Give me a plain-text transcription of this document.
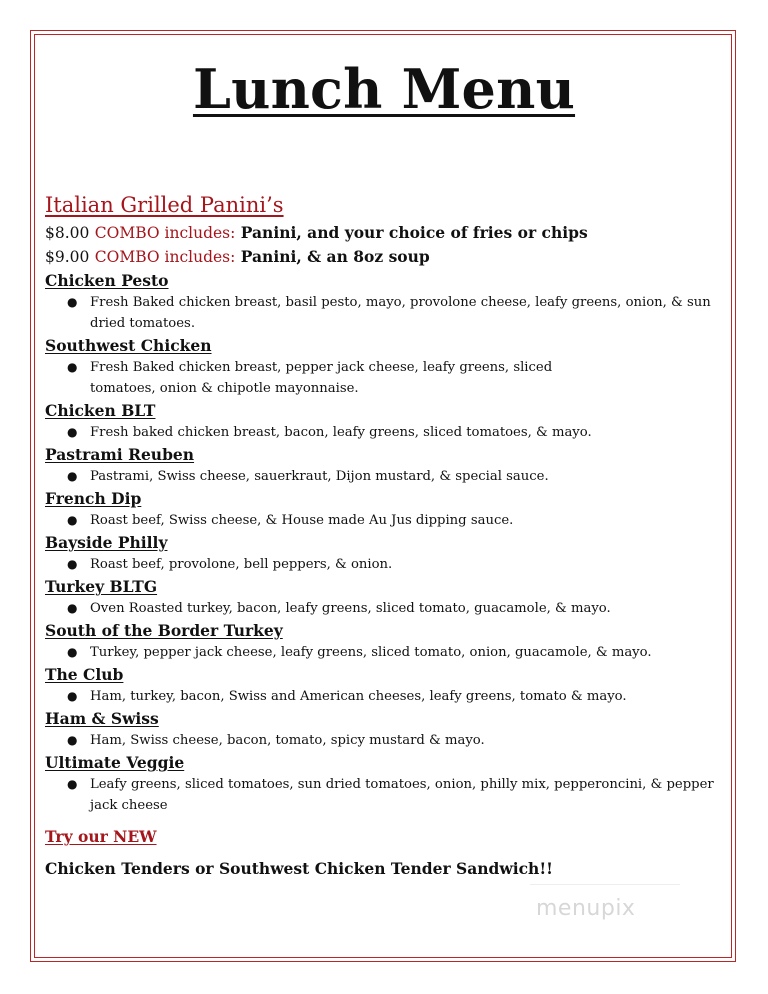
Lunch Menu
Italian Grilled Panini’s
$8.00 COMBO includes: Panini, and your choice of fries or chips
$9.00 COMBO includes: Panini, & an 8oz soup
Chicken Pesto
● Fresh Baked chicken breast, basil pesto, mayo, provolone cheese, leafy greens, onion, & sun dried tomatoes.
Southwest Chicken
● Fresh Baked chicken breast, pepper jack cheese, leafy greens, sliced tomatoes, onion & chipotle mayonnaise.
Chicken BLT
● Fresh baked chicken breast, bacon, leafy greens, sliced tomatoes, & mayo.
Pastrami Reuben
● Pastrami, Swiss cheese, sauerkraut, Dijon mustard, & special sauce.
French Dip
● Roast beef, Swiss cheese, & House made Au Jus dipping sauce.
Bayside Philly
● Roast beef, provolone, bell peppers, & onion.
Turkey BLTG
● Oven Roasted turkey, bacon, leafy greens, sliced tomato, guacamole, & mayo.
South of the Border Turkey
● Turkey, pepper jack cheese, leafy greens, sliced tomato, onion, guacamole, & mayo.
The Club
● Ham, turkey, bacon, Swiss and American cheeses, leafy greens, tomato & mayo.
Ham & Swiss
● Ham, Swiss cheese, bacon, tomato, spicy mustard & mayo.
Ultimate Veggie
● Leafy greens, sliced tomatoes, sun dried tomatoes, onion, philly mix, pepperoncini, & pepper jack cheese
Try our NEW
Chicken Tenders or Southwest Chicken Tender Sandwich!!
menupix
